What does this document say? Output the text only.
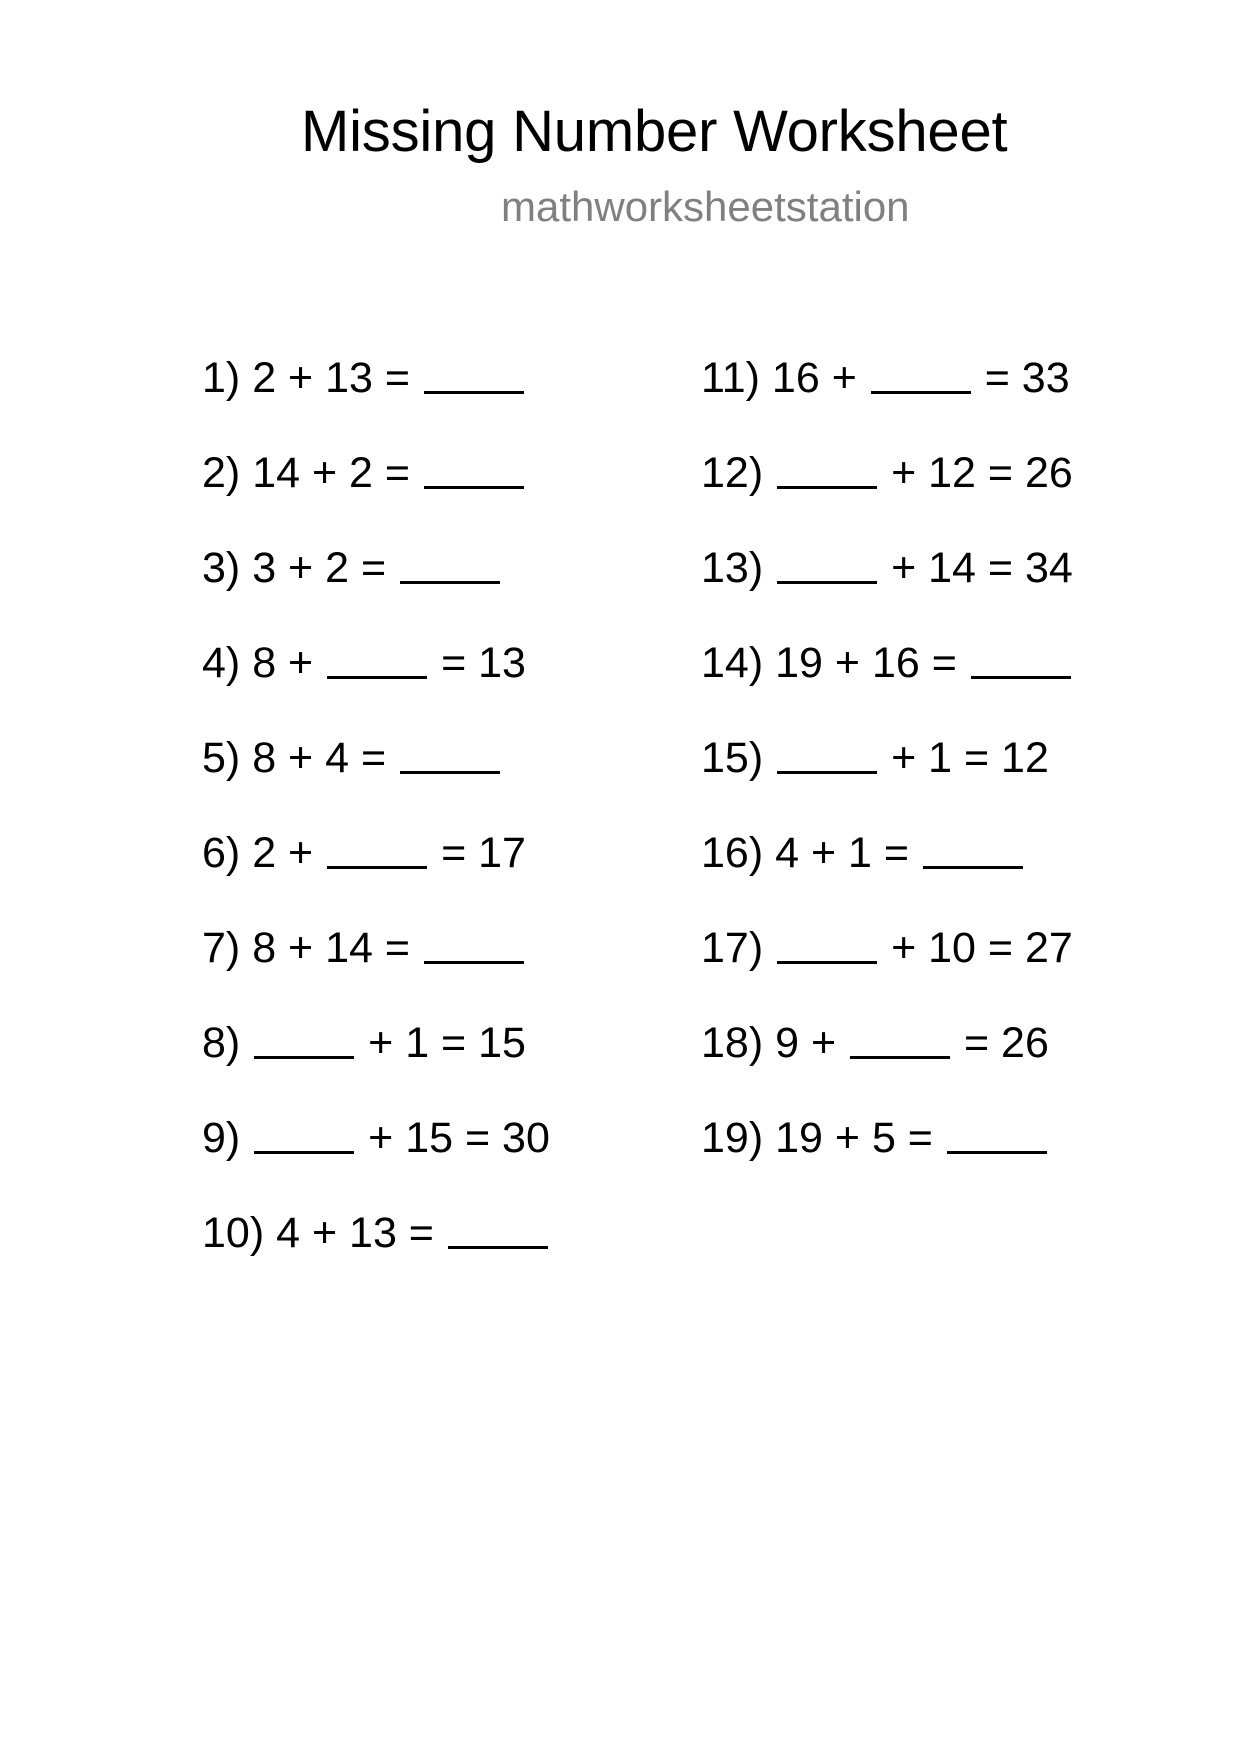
Missing Number Worksheet
mathworksheetstation
1) 2 + 13 =
2) 14 + 2 =
3) 3 + 2 =
4) 8 +	= 13
5) 8 + 4 =
6) 2 +	= 17
7) 8 + 14 =
8)	+ 1 = 15
9)	+ 15 = 30
10) 4 + 13 =
11) 16 +	= 33
12)	+ 12 = 26
13)	+ 14 = 34
14) 19 + 16 =
15)	+ 1 = 12
16) 4 + 1 =
17)	+ 10 = 27
18) 9 +	= 26
19) 19 + 5 =
